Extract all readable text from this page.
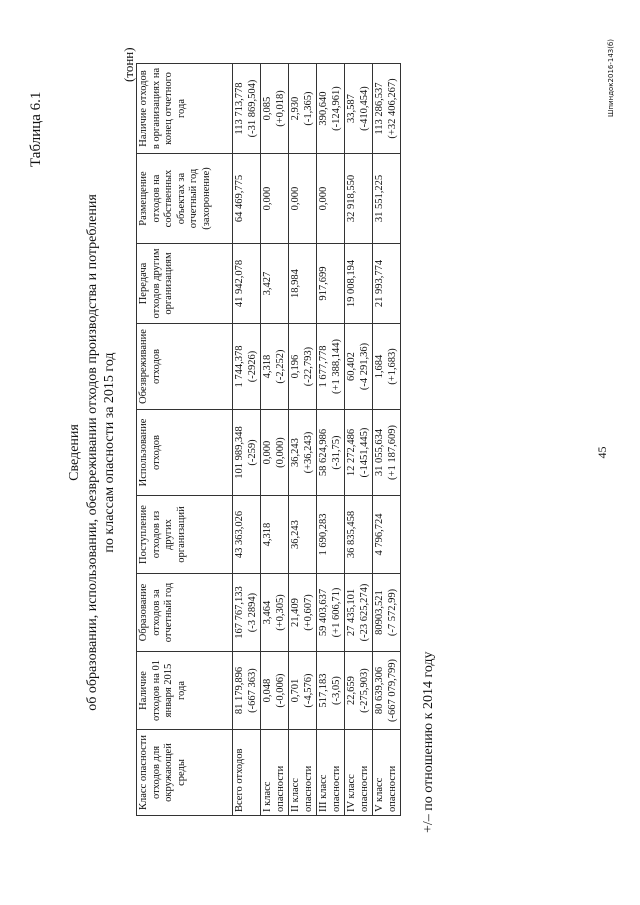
45
Таблица 6.1
Сведения об образовании, использовании, обезвреживании отходов производства и потребления по классам опасности за 2015 год
(тонн)
Класс опасности отходов для окружающей среды	Наличие отходов на 01 января 2015 года	Образование отходов за отчетный год	Поступление отходов из других организаций	Использование отходов	Обезвреживание отходов	Передача отходов другим организациям	Размещение отходов на собственных объектах за отчетный год (захоронение)	Наличие отходов в организациях на конец отчетного года
Всего отходов	81 179,896 (-667 363)	167 767,133 (-3 2894)	43 363,026	101 989,348 (-259)	1 744,378 (-2926)	41 942,078	64 469,775	113 713,778 (-31 869,504)
I класс опасности	0,048 (-0,006)	3,464 (+0,305)	4,318	0,000 (0,000)	4,318 (-2,252)	3,427	0,000	0,085 (+0,018)
II класс опасности	0,701 (-4,576)	21,409 (+0,607)	36,243	36,243 (+36,243)	0,196 (-22,793)	18,984	0,000	2,930 (-1,365)
III класс опасности	517,183 (-3,05)	59 403,637 (+1 606,71)	1 690,283	58 624,986 (-31,75)	1 677,778 (+1 388,144)	917,699	0,000	390,640 (-124,961)
IV класс опасности	22,659 (-275,903)	27 435,101 (-23 625,274)	36 835,458	12 272,486 (-1451,445)	60,402 (-4 291,36)	19 008,194	32 918,550	33,587 (-410,454)
V класс опасности	80 639,306 (-667 079,799)	80903,521 (-7 572,99)	4 796,724	31 055,634 (+1 187,609)	1,684 (+1,683)	21 993,774	31 551,225	113 286,537 (+32 406,267)
+/– по отношению к 2014 году
Шпиндок2016-143(б)
